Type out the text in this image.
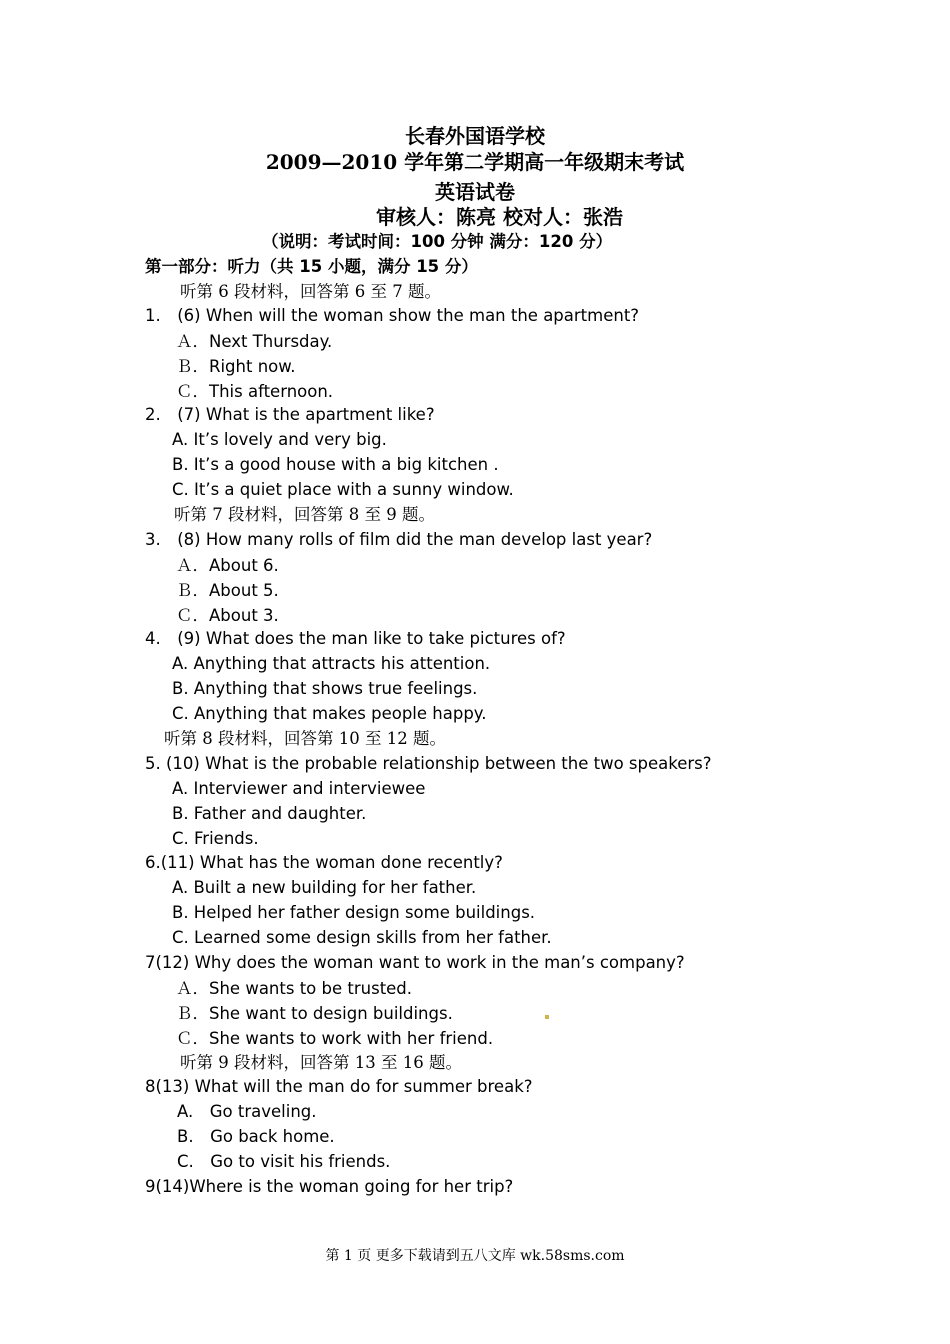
长春外国语学校
2009—2010 学年第二学期高一年级期末考试
英语试卷
审核人：陈亮 校对人：张浩
（说明：考试时间：100 分钟 满分：120 分）
第一部分：听力（共 15 小题，满分 15 分）
听第 6 段材料，回答第 6 至 7 题。
1.　(6) When will the woman show the man the apartment?
Ａ．Next Thursday.
Ｂ．Right now.
Ｃ．This afternoon.
2.　(7) What is the apartment like?
A. It’s lovely and very big.
B. It’s a good house with a big kitchen .
C. It’s a quiet place with a sunny window.
听第 7 段材料，回答第 8 至 9 题。
3.　(8) How many rolls of film did the man develop last year?
Ａ．About 6.
Ｂ．About 5.
Ｃ．About 3.
4.　(9) What does the man like to take pictures of?
A. Anything that attracts his attention.
B. Anything that shows true feelings.
C. Anything that makes people happy.
听第 8 段材料，回答第 10 至 12 题。
5. (10) What is the probable relationship between the two speakers?
A. Interviewer and interviewee
B. Father and daughter.
C. Friends.
6.(11) What has the woman done recently?
A. Built a new building for her father.
B. Helped her father design some buildings.
C. Learned some design skills from her father.
7(12) Why does the woman want to work in the man’s company?
Ａ．She wants to be trusted.
Ｂ．She want to design buildings.
Ｃ．She wants to work with her friend.
听第 9 段材料，回答第 13 至 16 题。
8(13) What will the man do for summer break?
A.　Go traveling.
B.　Go back home.
C.　Go to visit his friends.
9(14)Where is the woman going for her trip?
第 1 页 更多下载请到五八文库 wk.58sms.com
